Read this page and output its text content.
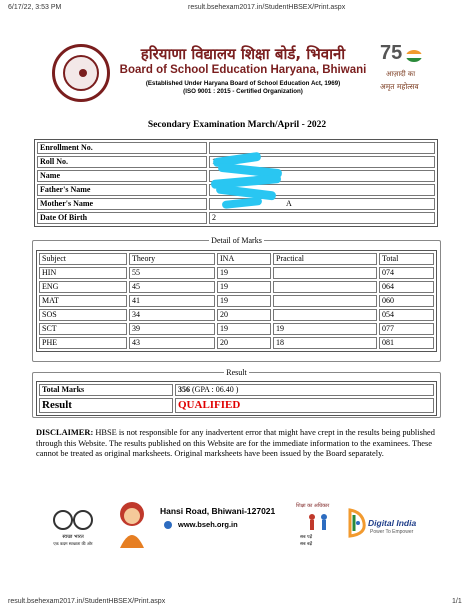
6/17/22, 3:53 PM	result.bsehexam2017.in/StudentHBSEX/Print.aspx
हरियाणा विद्यालय शिक्षा बोर्ड, भिवानी
Board of School Education Haryana, Bhiwani
(Established Under Haryana Board of School Education Act, 1969)
(ISO 9001 : 2015 - Certified Organization)
75
आज़ादी का
अमृत महोत्सव
Secondary Examination March/April - 2022
Enrollment No.	
Roll No.	
Name	
Father's Name	
Mother's Name	A
Date Of Birth	2
Detail of Marks
Subject	Theory	INA	Practical	Total
HIN	55	19		074
ENG	45	19		064
MAT	41	19		060
SOS	34	20		054
SCT	39	19	19	077
PHE	43	20	18	081
Result
Total Marks	356 (GPA : 06.40 )
Result	QUALIFIED
DISCLAIMER: HBSE is not responsible for any inadvertent error that might have crept in the results being published through this Website. The results published on this Website are for the immediate information to the examinees. These cannot be treated as original marksheets. Original marksheets have been issued by the Board separately.
स्वच्छ भारत
एक कदम स्वच्छता की ओर
Hansi Road, Bhiwani-127021
www.bseh.org.in
शिक्षा का अधिकार
सब पढ़ें
सब बढ़ें
Digital India
Power To Empower
result.bsehexam2017.in/StudentHBSEX/Print.aspx	1/1
